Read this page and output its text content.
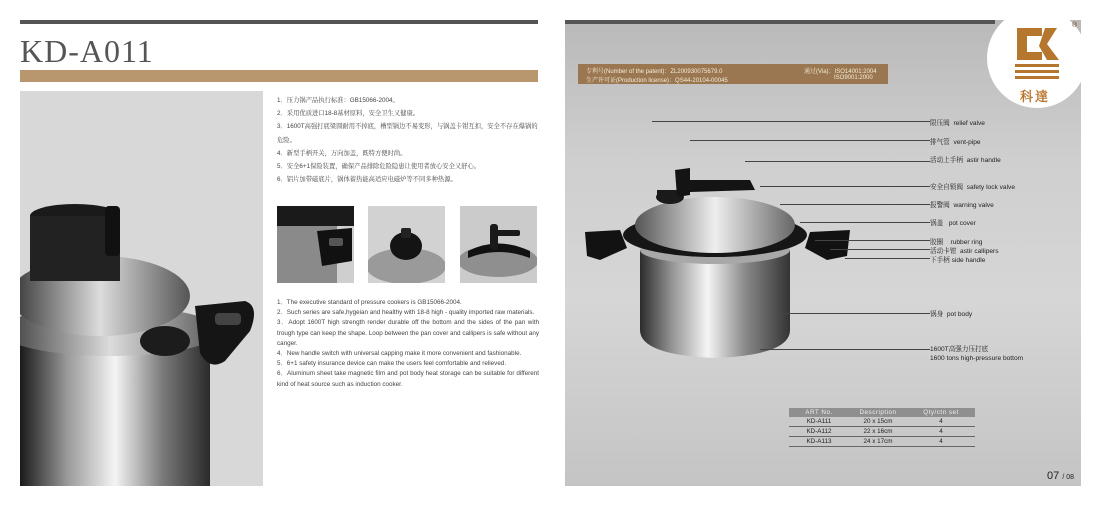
KD-A011
1．压力锅产品执行标准：GB15066-2004。
2．采用优质进口18-8基材原料，安全卫生又健康。
3．1600T高强打底梁圆耐用不掉底，槽型锅边不易变形，与锅盖卡钳互扣，安全不存在爆锅的危险。
4．新型手柄开关，万向加盖，既特方便时尚。
5．安全6+1保险装置，确保产品排除危险隐患让使用者放心安全又舒心。
6．铝片加带磁底片，锅体蓄热能高适应电磁炉等不同多种热源。
1．The executive standard of pressure cookers is GB15066-2004.
2．Such series are safe,hygeian and healthy with 18-8 high - quality imported raw materials.
3．Adopt 1600T high strength render durable off the bottom and the sides of the pan with trough type can keep the shape. Loop between the pan cover and callipers is safe without any canger.
4．New handle switch with universal capping make it more convenient and fashionable.
5．6+1 safety insurance device can make the users feel comfortable and relieved.
6．Aluminum sheet take magnetic film and pot body heat storage can be suitable for different kind of heat source such as induction cooker.
®
科達
专利号(Number of the patent)：ZL200930075679.0
生产许可证(Production license)：QS44-20104-00045
通过(Via)：ISO14001:2004
ISO9001:2000
限压阀 relief valve
排气管 vent-pipe
活动上手柄 astir handle
安全自锁阀 safety lock valve
报警阀 warning valve
锅盖 pot cover
胶圈 rubber ring
活动卡钳 astir callipers
下手柄 side handle
锅身 pot body
1600T高强力压打底
1600 tons high-pressure bottom
ART No.	Description	Qty/ctn set
KD-A111	20 x 15cm	4
KD-A112	22 x 16cm	4
KD-A113	24 x 17cm	4
07 / 08
